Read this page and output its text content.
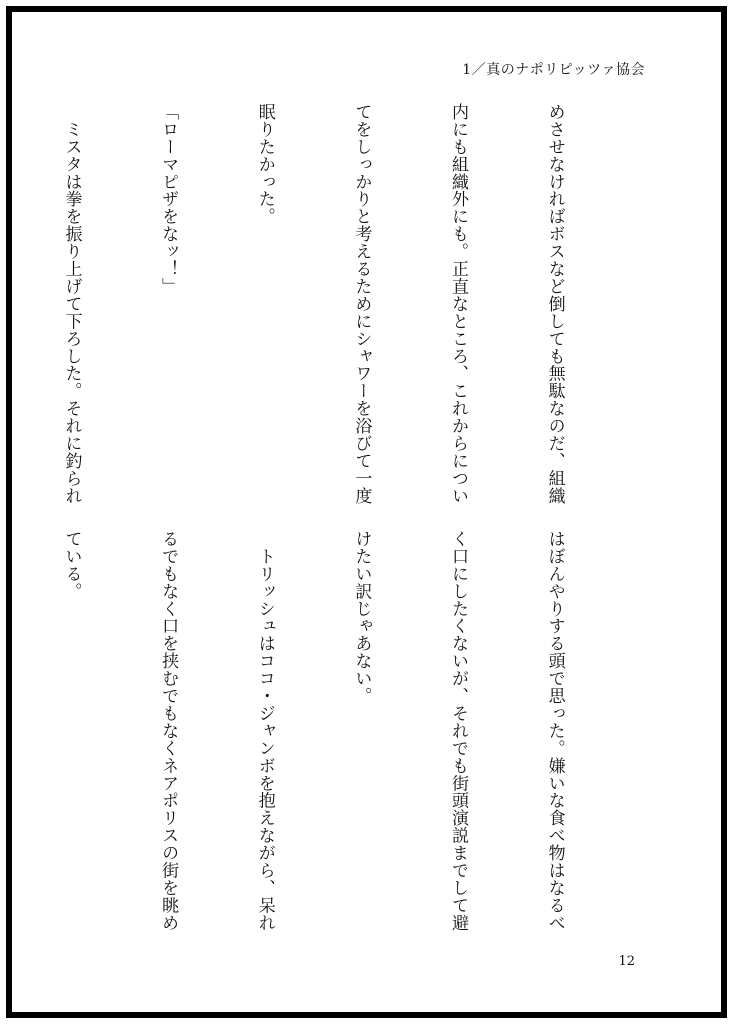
1／真のナポリピッツァ協会

めさせなければボスなど倒しても無駄なのだ、組織

内にも組織外にも。正直なところ、これからについ

てをしっかりと考えるためにシャワーを浴びて一度

眠りたかった。

「ローマピザをなッ！」

　ミスタは拳を振り上げて下ろした。それに釣られ

はぼんやりする頭で思った。嫌いな食べ物はなるべ

く口にしたくないが、それでも街頭演説までして避

けたい訳じゃあない。

　トリッシュはココ・ジャンボを抱えながら、呆れ

るでもなく口を挟むでもなくネアポリスの街を眺め

ている。

12
